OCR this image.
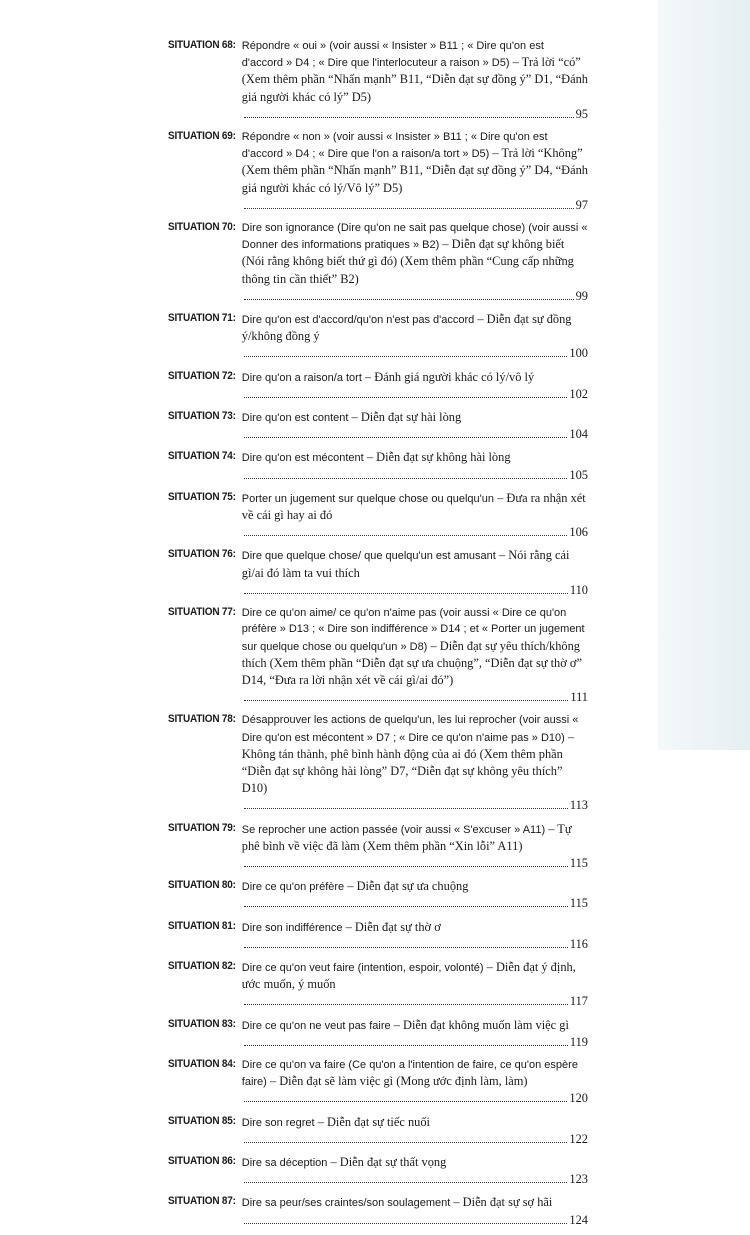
SITUATION 68: Répondre « oui » (voir aussi « Insister » B11 ; « Dire qu'on est d'accord » D4 ; « Dire que l'interlocuteur a raison » D5) – Trả lời “có” (Xem thêm phần “Nhấn mạnh” B11, “Diễn đạt sự đồng ý” D1, “Đánh giá người khác có lý” D5)
95
SITUATION 69: Répondre « non » (voir aussi « Insister » B11 ; « Dire qu'on est d'accord » D4 ; « Dire que l'on a raison/a tort » D5) – Trả lời “Không” (Xem thêm phần “Nhấn mạnh” B11, “Diễn đạt sự đồng ý” D4, “Đánh giá người khác có lý/Vô lý” D5)
97
SITUATION 70: Dire son ignorance (Dire qu'on ne sait pas quelque chose) (voir aussi « Donner des informations pratiques » B2) – Diễn đạt sự không biết (Nói rằng không biết thứ gì đó) (Xem thêm phần “Cung cấp những thông tin cần thiết” B2)
99
SITUATION 71: Dire qu'on est d'accord/qu'on n'est pas d'accord – Diễn đạt sự đồng ý/không đồng ý
100
SITUATION 72: Dire qu'on a raison/a tort – Đánh giá người khác có lý/vô lý
102
SITUATION 73: Dire qu'on est content – Diễn đạt sự hài lòng
104
SITUATION 74: Dire qu'on est mécontent – Diễn đạt sự không hài lòng
105
SITUATION 75: Porter un jugement sur quelque chose ou quelqu'un – Đưa ra nhận xét về cái gì hay ai đó
106
SITUATION 76: Dire que quelque chose/ que quelqu'un est amusant – Nói rằng cái gì/ai đó làm ta vui thích
110
SITUATION 77: Dire ce qu'on aime/ ce qu'on n'aime pas (voir aussi « Dire ce qu'on préfère » D13 ; « Dire son indifférence » D14 ; et « Porter un jugement sur quelque chose ou quelqu'un » D8) – Diễn đạt sự yêu thích/không thích (Xem thêm phần “Diễn đạt sự ưa chuộng”, “Diễn đạt sự thờ ơ” D14, “Đưa ra lời nhận xét về cái gì/ai đó”)
111
SITUATION 78: Désapprouver les actions de quelqu'un, les lui reprocher (voir aussi « Dire qu'on est mécontent » D7 ; « Dire ce qu'on n'aime pas » D10) – Không tán thành, phê bình hành động của ai đó (Xem thêm phần “Diễn đạt sự không hài lòng” D7, “Diễn đạt sự không yêu thích” D10)
113
SITUATION 79: Se reprocher une action passée (voir aussi « S'excuser » A11) – Tự phê bình về việc đã làm (Xem thêm phần “Xin lỗi” A11)
115
SITUATION 80: Dire ce qu'on préfère – Diễn đạt sự ưa chuộng
115
SITUATION 81: Dire son indifférence – Diễn đạt sự thờ ơ
116
SITUATION 82: Dire ce qu'on veut faire (intention, espoir, volonté) – Diễn đạt ý định, ước muốn, ý muốn
117
SITUATION 83: Dire ce qu'on ne veut pas faire – Diễn đạt không muốn làm việc gì
119
SITUATION 84: Dire ce qu'on va faire (Ce qu'on a l'intention de faire, ce qu'on espère faire) – Diễn đạt sẽ làm việc gì (Mong ước định làm, làm)
120
SITUATION 85: Dire son regret – Diễn đạt sự tiếc nuối
122
SITUATION 86: Dire sa déception – Diễn đạt sự thất vọng
123
SITUATION 87: Dire sa peur/ses craintes/son soulagement – Diễn đạt sự sợ hãi
124
